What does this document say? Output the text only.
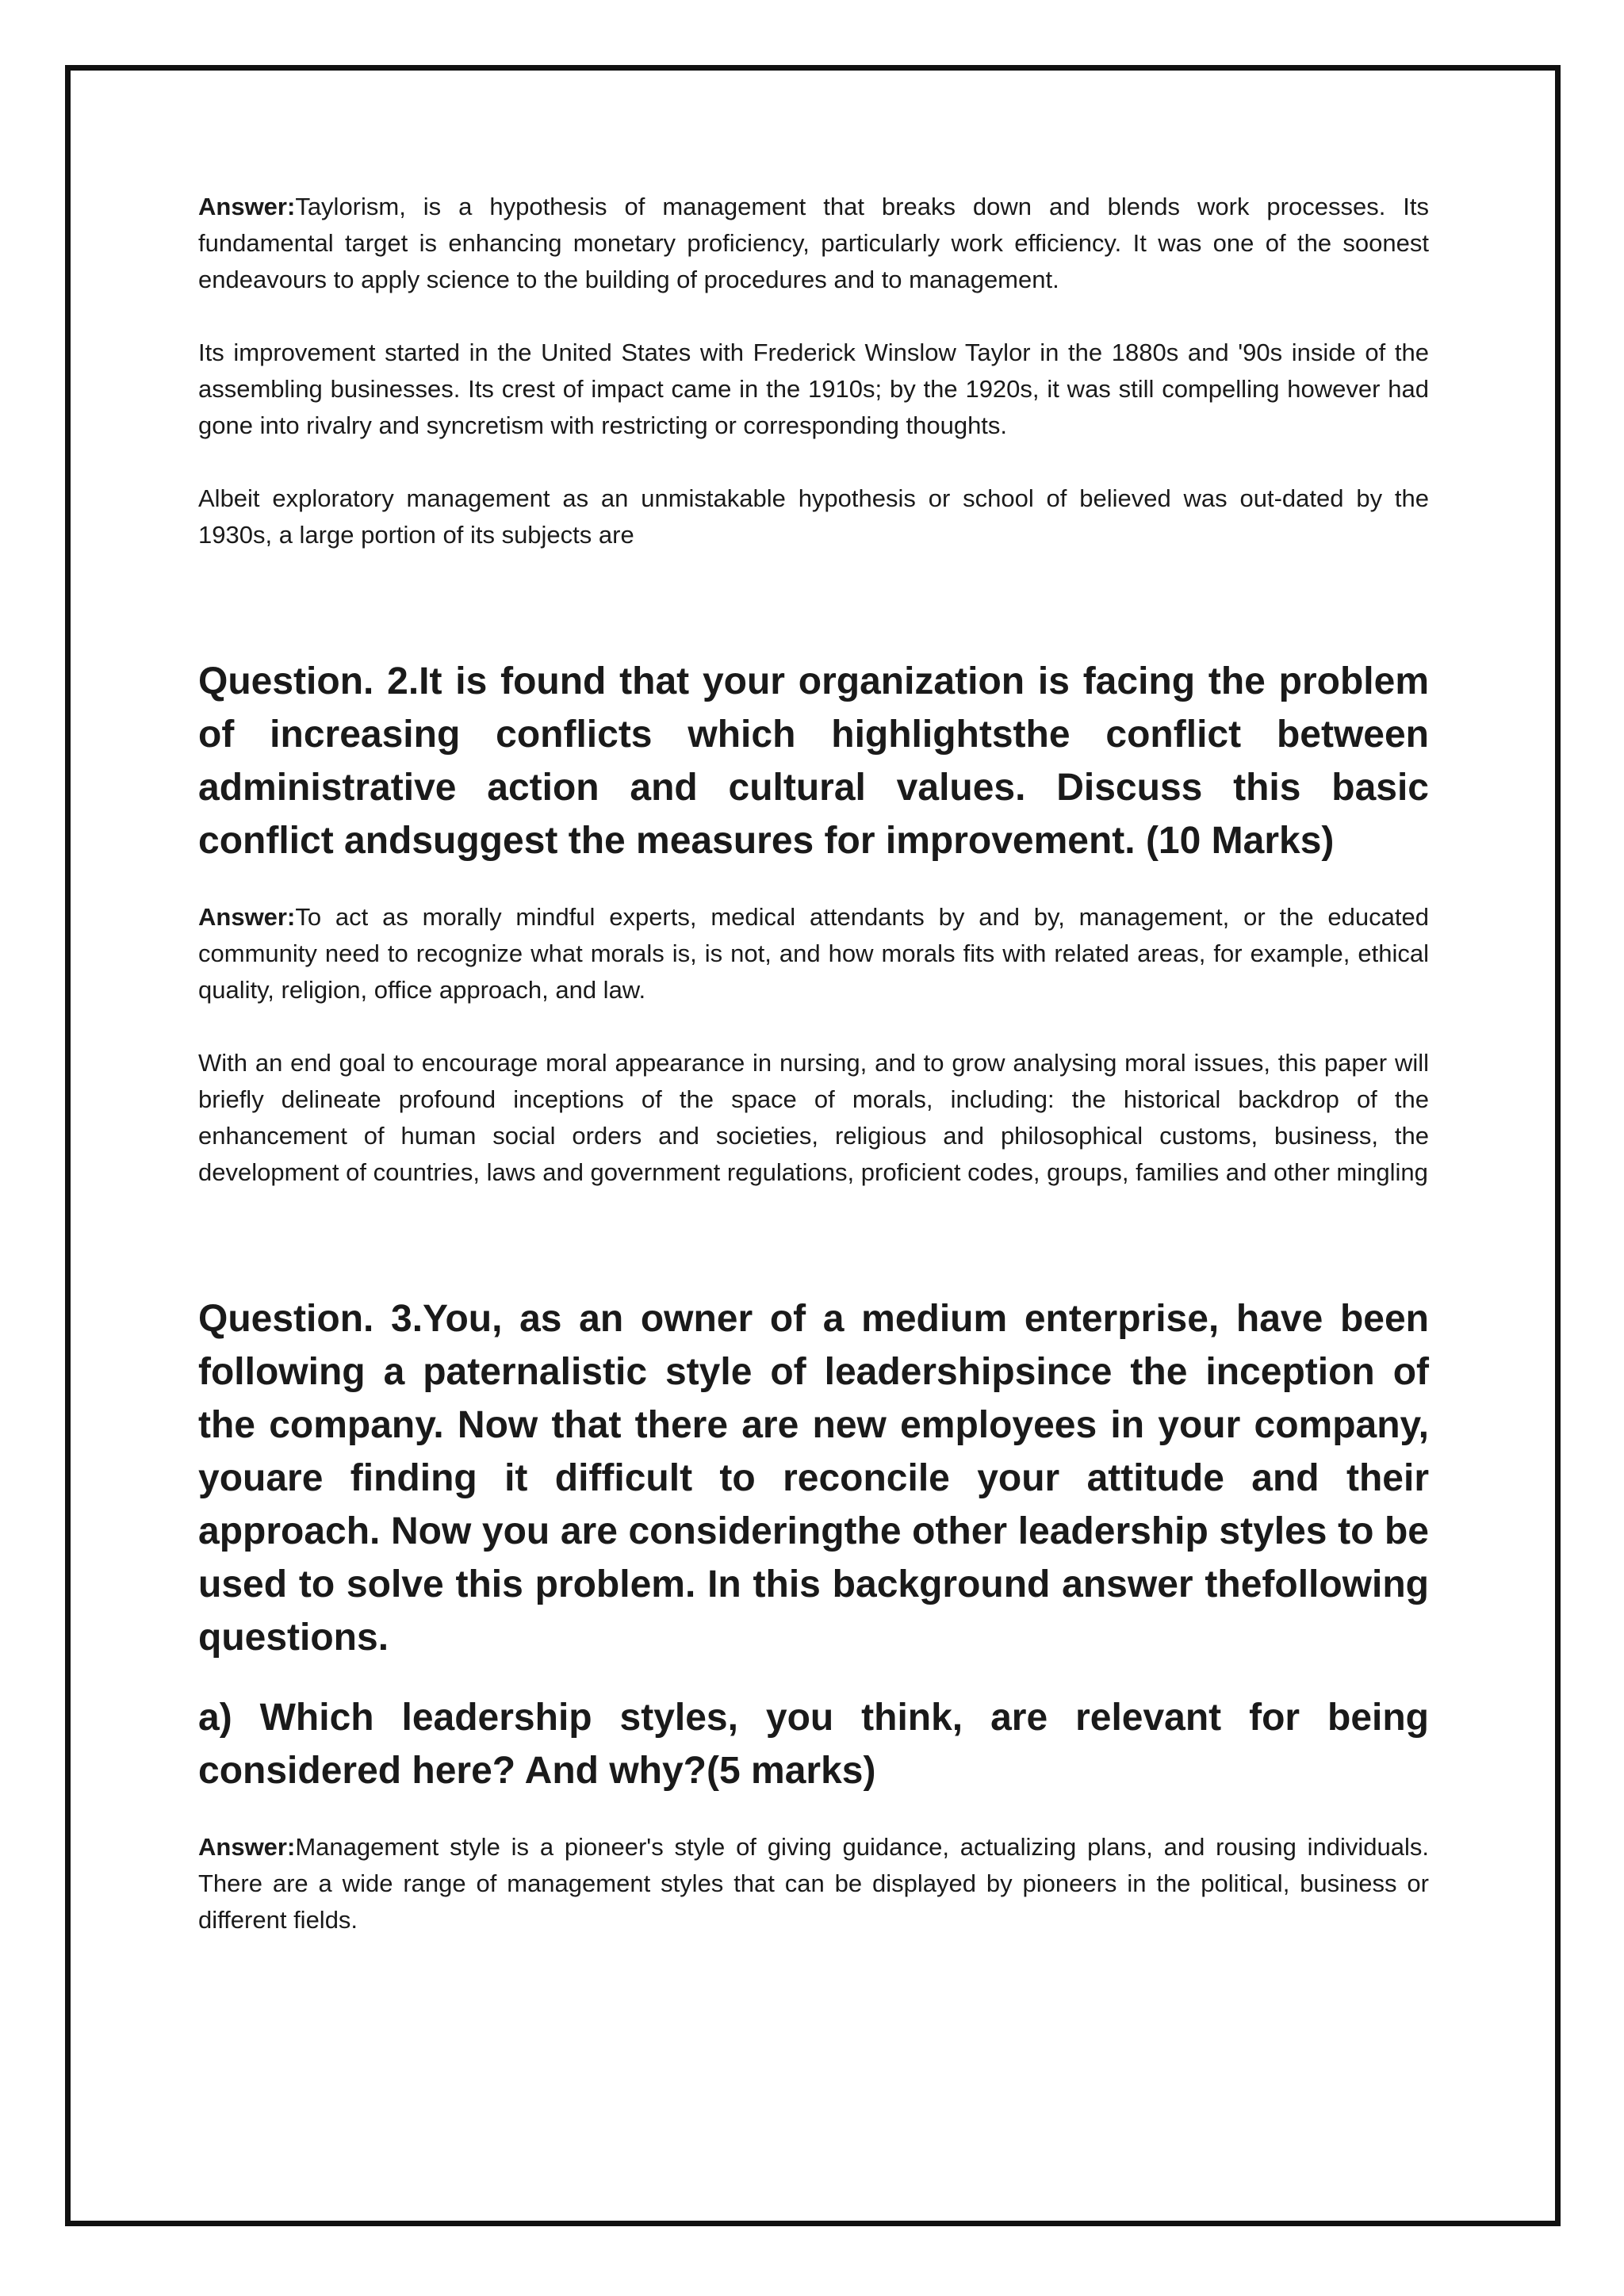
Answer:Taylorism, is a hypothesis of management that breaks down and blends work processes. Its fundamental target is enhancing monetary proficiency, particularly work efficiency. It was one of the soonest endeavours to apply science to the building of procedures and to management.

Its improvement started in the United States with Frederick Winslow Taylor in the 1880s and '90s inside of the assembling businesses. Its crest of impact came in the 1910s; by the 1920s, it was still compelling however had gone into rivalry and syncretism with restricting or corresponding thoughts.

Albeit exploratory management as an unmistakable hypothesis or school of believed was out-dated by the 1930s, a large portion of its subjects are

Question. 2.It is found that your organization is facing the problem of increasing conflicts which highlightsthe conflict between administrative action and cultural values. Discuss this basic conflict andsuggest the measures for improvement. (10 Marks)

Answer:To act as morally mindful experts, medical attendants by and by, management, or the educated community need to recognize what morals is, is not, and how morals fits with related areas, for example, ethical quality, religion, office approach, and law.

With an end goal to encourage moral appearance in nursing, and to grow analysing moral issues, this paper will briefly delineate profound inceptions of the space of morals, including: the historical backdrop of the enhancement of human social orders and societies, religious and philosophical customs, business, the development of countries, laws and government regulations, proficient codes, groups, families and other mingling

Question. 3.You, as an owner of a medium enterprise, have been following a paternalistic style of leadershipsince the inception of the company. Now that there are new employees in your company, youare finding it difficult to reconcile your attitude and their approach. Now you are consideringthe other leadership styles to be used to solve this problem. In this background answer thefollowing questions.

a) Which leadership styles, you think, are relevant for being considered here? And why?(5 marks)

Answer:Management style is a pioneer's style of giving guidance, actualizing plans, and rousing individuals. There are a wide range of management styles that can be displayed by pioneers in the political, business or different fields.
